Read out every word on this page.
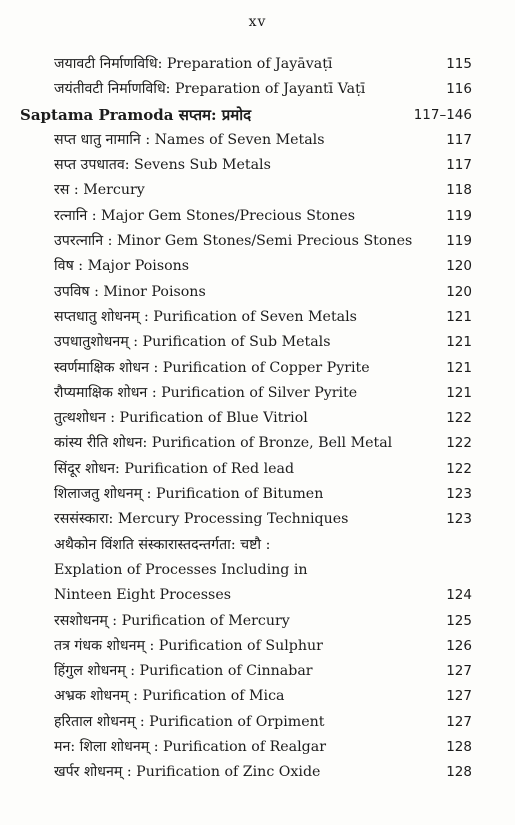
xv
जयावटी निर्माणविधि: Preparation of Jayāvaṭī	115
जयंतीवटी निर्माणविधि: Preparation of Jayantī Vaṭī	116
Saptama Pramoda सप्तम: प्रमोद	117–146
सप्त धातु नामानि : Names of Seven Metals	117
सप्त उपधातव: Sevens Sub Metals	117
रस : Mercury	118
रत्नानि : Major Gem Stones/Precious Stones	119
उपरत्नानि : Minor Gem Stones/Semi Precious Stones	119
विष : Major Poisons	120
उपविष : Minor Poisons	120
सप्तधातु शोधनम् : Purification of Seven Metals	121
उपधातुशोधनम् : Purification of Sub Metals	121
स्वर्णमाक्षिक शोधन : Purification of Copper Pyrite	121
रौप्यमाक्षिक शोधन : Purification of Silver Pyrite	121
तुत्थशोधन : Purification of Blue Vitriol	122
कांस्य रीति शोधन: Purification of Bronze, Bell Metal	122
सिंदूर शोधन: Purification of Red lead	122
शिलाजतु शोधनम् : Purification of Bitumen	123
रससंस्कारा: Mercury Processing Techniques	123
अथैकोन विंशति संस्कारास्तदन्तर्गता: चष्टौ :
Explation of Processes Including in
Ninteen Eight Processes	124
रसशोधनम् : Purification of Mercury	125
तत्र गंधक शोधनम् : Purification of Sulphur	126
हिंगुल शोधनम् : Purification of Cinnabar	127
अभ्रक शोधनम् : Purification of Mica	127
हरिताल शोधनम् : Purification of Orpiment	127
मन: शिला शोधनम् : Purification of Realgar	128
खर्पर शोधनम् : Purification of Zinc Oxide	128
